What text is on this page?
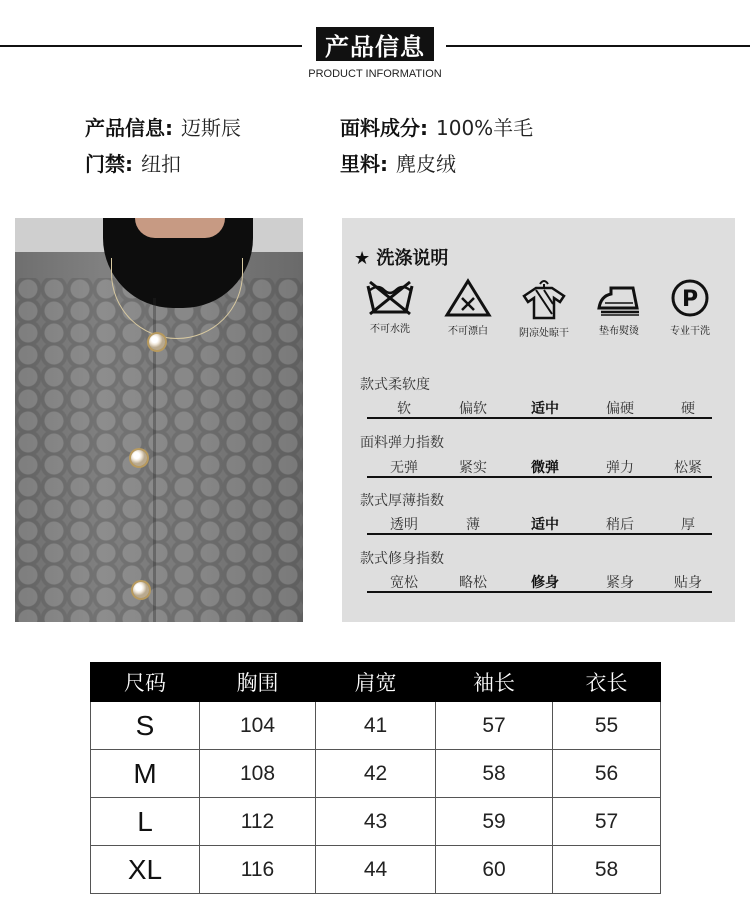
产品信息
PRODUCT INFORMATION
产品信息: 迈斯辰	面料成分: 100%羊毛
门禁: 纽扣	里料: 麂皮绒
★ 洗涤说明
不可水洗	不可漂白	阴凉处晾干	垫布熨烫
P
专业干洗
款式柔软度
软	偏软	适中	偏硬	硬
面料弹力指数
无弹	紧实	微弹	弹力	松紧
款式厚薄指数
透明	薄	适中	稍后	厚
款式修身指数
宽松	略松	修身	紧身	贴身
尺码	胸围	肩宽	袖长	衣长
S	104	41	57	55
M	108	42	58	56
L	112	43	59	57
XL	116	44	60	58
